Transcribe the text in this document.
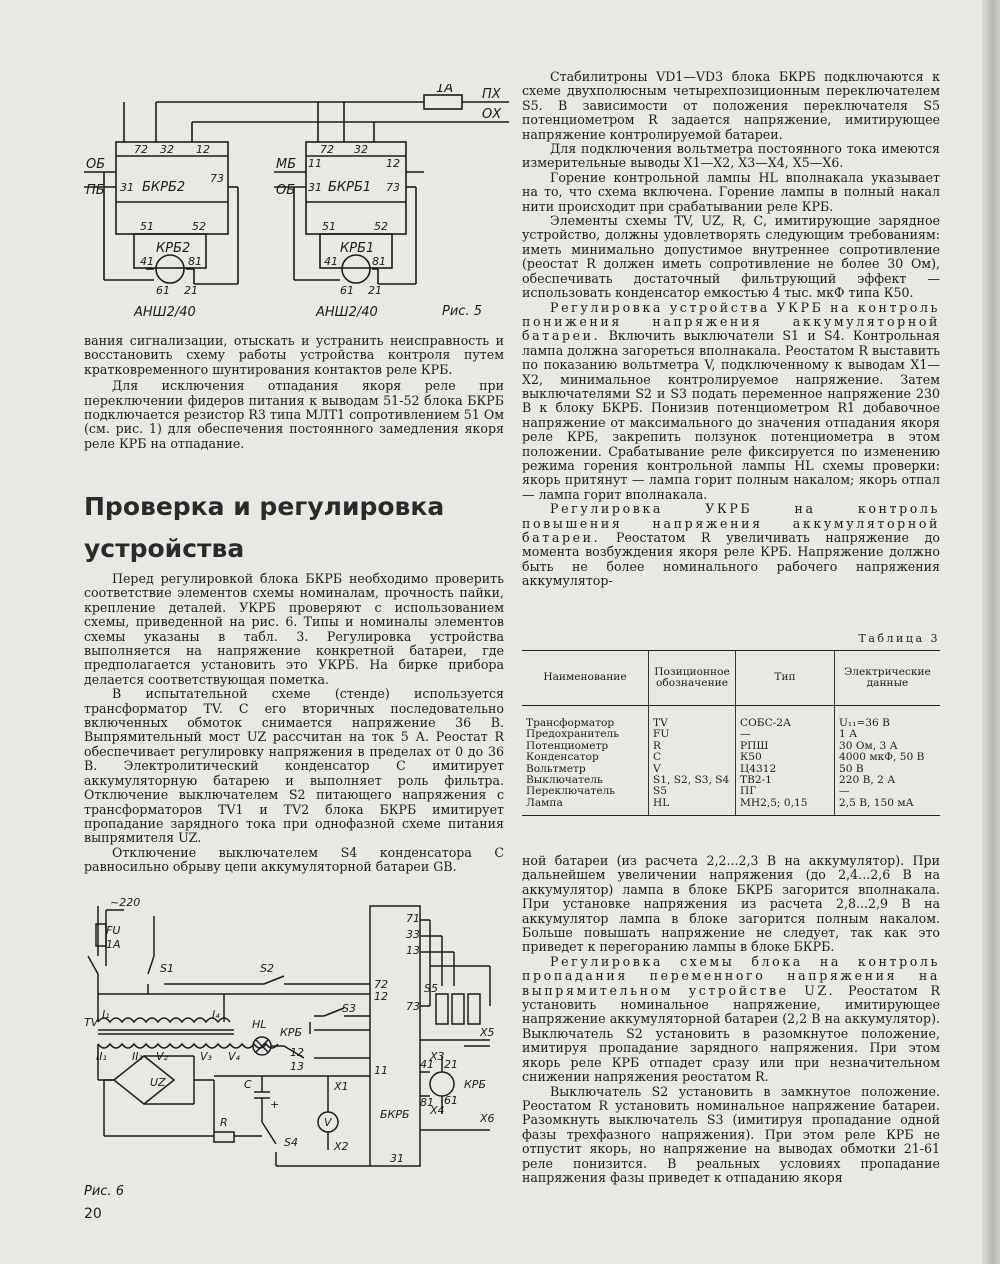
72 32 12
31
73
51	52
41	81
61 21
72 32
11	12
31	73
51	52
41	81
61 21
БКРБ2
КРБ2
АНШ2/40
ОБ
ПБ	БКРБ1
КРБ1
АНШ2/40
МБ
ОБ
1А ПХ
ОХ
Рис. 5

вания сигнализации, отыскать и устранить неисправность и восстановить схему работы устройства контроля путем кратковременного шунтирования контактов реле КРБ.

Для исключения отпадания якоря реле при переключении фидеров питания к выводам 51-52 блока БКРБ подключается резистор R3 типа МЛТ1 сопротивлением 51 Ом (см. рис. 1) для обеспечения постоянного замедления якоря реле КРБ на отпадание.

Проверка и регулировка устройства

Перед регулировкой блока БКРБ необходимо проверить соответствие элементов схемы номиналам, прочность пайки, крепление деталей. УКРБ проверяют с использованием схемы, приведенной на рис. 6. Типы и номиналы элементов схемы указаны в табл. 3. Регулировка устройства выполняется на напряжение конкретной батареи, где предполагается установить это УКРБ. На бирке прибора делается соответствующая пометка.

В испытательной схеме (стенде) используется трансформатор TV. С его вторичных последовательно включенных обмоток снимается напряжение 36 В. Выпрямительный мост UZ рассчитан на ток 5 А. Реостат R обеспечивает регулировку напряжения в пределах от 0 до 36 В. Электролитический конденсатор С имитирует аккумуляторную батарею и выполняет роль фильтра. Отключение выключателем S2 питающего напряжения с трансформаторов TV1 и TV2 блока БКРБ имитирует пропадание зарядного тока при однофазной схеме питания выпрямителя UZ.

Отключение выключателем S4 конденсатора С равносильно обрыву цепи аккумуляторной батареи GB.

~220
FU
1А
S1	S2
S3
S4
S5
TV
I₁	I₄
II₁ II₃ V₂	V₃ V₄
HL
КРБ
UZ	C
+
R	V
X1
X2
X3
X4
X5
X6
БКРБ
КРБ
71
33
13
72
12
73
11
31
41
81 61
21
12
13
Рис. 6
20

Стабилитроны VD1—VD3 блока БКРБ подключаются к схеме двухполюсным четырехпозиционным переключателем S5. В зависимости от положения переключателя S5 потенциометром R задается напряжение, имитирующее напряжение контролируемой батареи.

Для подключения вольтметра постоянного тока имеются измерительные выводы Х1—Х2, Х3—Х4, Х5—Х6.

Горение контрольной лампы HL вполнакала указывает на то, что схема включена. Горение лампы в полный накал нити происходит при срабатывании реле КРБ.

Элементы схемы TV, UZ, R, С, имитирующие зарядное устройство, должны удовлетворять следующим требованиям: иметь минимально допустимое внутреннее сопротивление (реостат R должен иметь сопротивление не более 30 Ом), обеспечивать достаточный фильтрующий эффект — использовать конденсатор емкостью 4 тыс. мкФ типа К50.

Регулировка устройства УКРБ на контроль понижения напряжения аккумуляторной батареи. Включить выключатели S1 и S4. Контрольная лампа должна загореться вполнакала. Реостатом R выставить по показанию вольтметра V, подключенному к выводам Х1—Х2, минимальное контролируемое напряжение. Затем выключателями S2 и S3 подать переменное напряжение 230 В к блоку БКРБ. Понизив потенциометром R1 добавочное напряжение от максимального до значения отпадания якоря реле КРБ, закрепить ползунок потенциометра в этом положении. Срабатывание реле фиксируется по изменению режима горения контрольной лампы HL схемы проверки: якорь притянут — лампа горит полным накалом; якорь отпал — лампа горит вполнакала.

Регулировка УКРБ на контроль повышения напряжения аккумуляторной батареи. Реостатом R увеличивать напряжение до момента возбуждения якоря реле КРБ. Напряжение должно быть не более номинального рабочего напряжения аккумулятор-

Таблица 3
Наименование	Позиционное обозначение	Тип	Электрические данные
Трансформатор	TV	СОБС-2А	U₁₁=36 В
Предохранитель	FU	—	1 А
Потенциометр	R	РПШ	30 Ом, 3 А
Конденсатор	C	К50	4000 мкФ, 50 В
Вольтметр	V	Ц4312	50 В
Выключатель	S1, S2, S3, S4	ТВ2-1	220 В, 2 А
Переключатель	S5	ПГ	—
Лампа	HL	МН2,5; 0,15	2,5 В, 150 мА

ной батареи (из расчета 2,2...2,3 В на аккумулятор). При дальнейшем увеличении напряжения (до 2,4...2,6 В на аккумулятор) лампа в блоке БКРБ загорится вполнакала. При установке напряжения из расчета 2,8...2,9 В на аккумулятор лампа в блоке загорится полным накалом. Больше повышать напряжение не следует, так как это приведет к перегоранию лампы в блоке БКРБ.

Регулировка схемы блока на контроль пропадания переменного напряжения на выпрямительном устройстве UZ. Реостатом R установить номинальное напряжение, имитирующее напряжение аккумуляторной батареи (2,2 В на аккумулятор). Выключатель S2 установить в разомкнутое положение, имитируя пропадание зарядного напряжения. При этом якорь реле КРБ отпадет сразу или при незначительном снижении напряжения реостатом R.

Выключатель S2 установить в замкнутое положение. Реостатом R установить номинальное напряжение батареи. Разомкнуть выключатель S3 (имитируя пропадание одной фазы трехфазного напряжения). При этом реле КРБ не отпустит якорь, но напряжение на выводах обмотки 21-61 реле понизится. В реальных условиях пропадание напряжения фазы приведет к отпаданию якоря
